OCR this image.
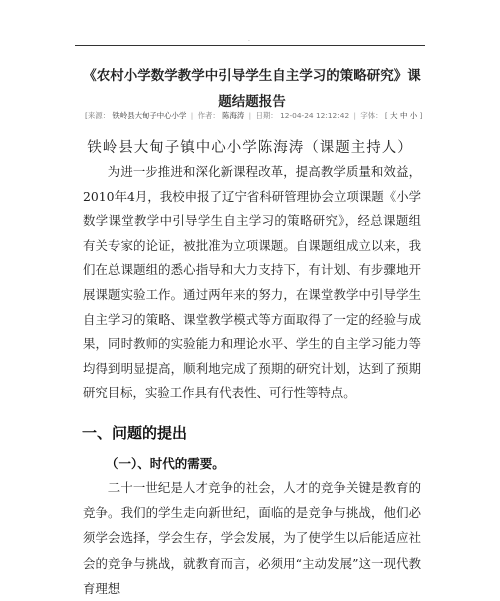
·
《农村小学数学教学中引导学生自主学习的策略研究》课题结题报告
[来源： 铁岭县大甸子中心小学 | 作者： 陈海涛 | 日期： 12-04-24 12:12:42 | 字体： [ 大 中 小 ]
铁岭县大甸子镇中心小学陈海涛（课题主持人）

为进一步推进和深化新课程改革，提高教学质量和效益，2010年4月，我校申报了辽宁省科研管理协会立项课题《小学数学课堂教学中引导学生自主学习的策略研究》，经总课题组有关专家的论证，被批准为立项课题。自课题组成立以来，我们在总课题组的悉心指导和大力支持下，有计划、有步骤地开展课题实验工作。通过两年来的努力，在课堂教学中引导学生自主学习的策略、课堂教学模式等方面取得了一定的经验与成果，同时教师的实验能力和理论水平、学生的自主学习能力等均得到明显提高，顺利地完成了预期的研究计划，达到了预期研究目标，实验工作具有代表性、可行性等特点。

一、问题的提出
（一）、时代的需要。

二十一世纪是人才竞争的社会，人才的竞争关键是教育的竞争。我们的学生走向新世纪，面临的是竞争与挑战，他们必须学会选择，学会生存，学会发展，为了使学生以后能适应社会的竞争与挑战，就教育而言，必须用“主动发展”这一现代教育理想
